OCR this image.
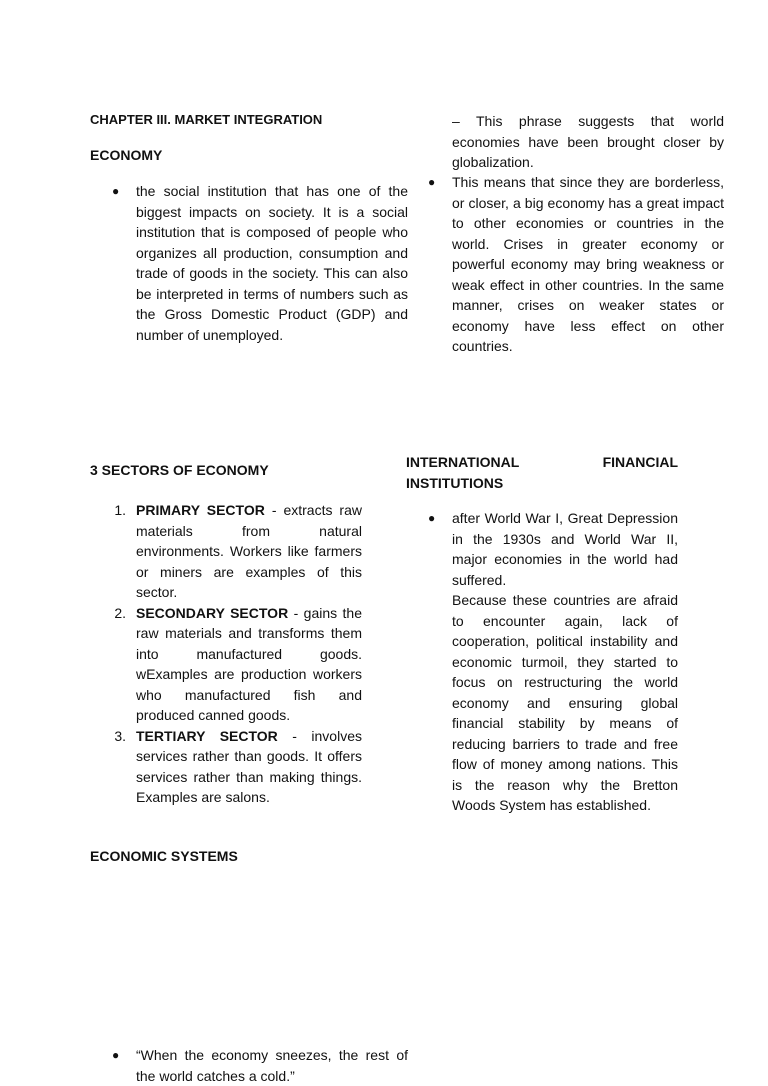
CHAPTER III. MARKET INTEGRATION
ECONOMY
● the social institution that has one of the biggest impacts on society. It is a social institution that is composed of people who organizes all production, consumption and trade of goods in the society. This can also be interpreted in terms of numbers such as the Gross Domestic Product (GDP) and number of unemployed.
3 SECTORS OF ECONOMY
1. PRIMARY SECTOR - extracts raw materials from natural environments. Workers like farmers or miners are examples of this sector.
2. SECONDARY SECTOR - gains the raw materials and transforms them into manufactured goods. wExamples are production workers who manufactured fish and produced canned goods.
3. TERTIARY SECTOR - involves services rather than goods. It offers services rather than making things. Examples are salons.
ECONOMIC SYSTEMS
● “When the economy sneezes, the rest of the world catches a cold.”
– This phrase suggests that world economies have been brought closer by globalization.
● This means that since they are borderless, or closer, a big economy has a great impact to other economies or countries in the world. Crises in greater economy or powerful economy may bring weakness or weak effect in other countries. In the same manner, crises on weaker states or economy have less effect on other countries.
INTERNATIONAL	FINANCIAL
INSTITUTIONS
● after World War I, Great Depression in the 1930s and World War II, major economies in the world had suffered.
Because these countries are afraid to encounter again, lack of cooperation, political instability and economic turmoil, they started to focus on restructuring the world economy and ensuring global financial stability by means of reducing barriers to trade and free flow of money among nations. This is the reason why the Bretton Woods System has established.
